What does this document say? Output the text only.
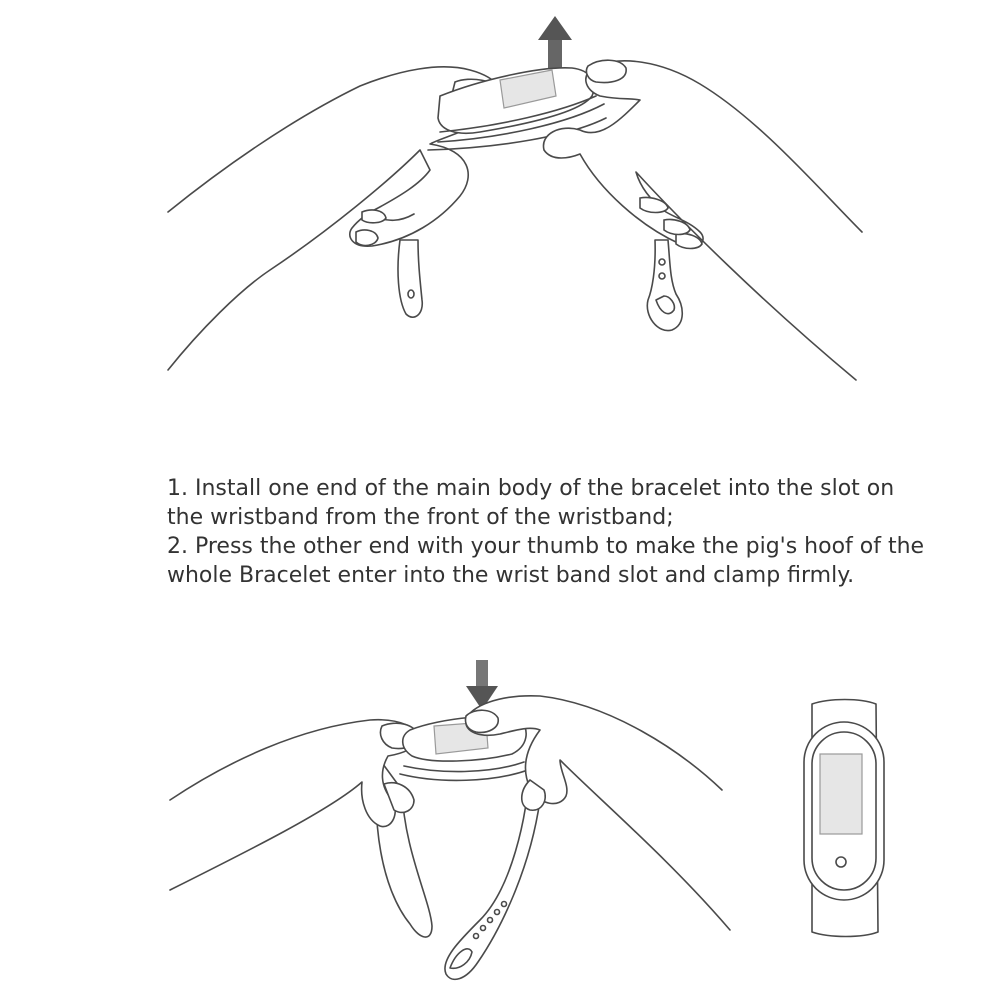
1. Install one end of the main body of the bracelet into the slot on the wristband from the front of the wristband;

2. Press the other end with your thumb to make the pig's hoof of the whole Bracelet enter into the wrist band slot and clamp firmly.
